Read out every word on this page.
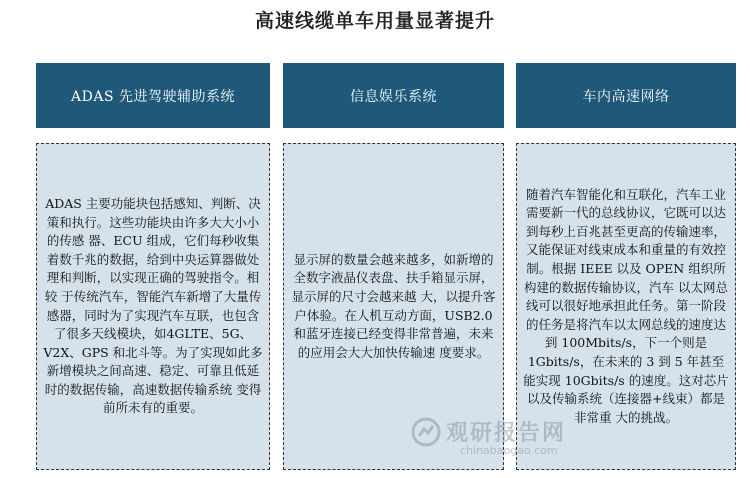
高速线缆单车用量显著提升
ADAS 先进驾驶辅助系统	信息娱乐系统	车内高速网络
ADAS 主要功能块包括感知、判断、决策和执行。这些功能块由许多大大小小的传感 器、ECU 组成，它们每秒收集着数千兆的数据，给到中央运算器做处理和判断，以实现正确的驾驶指令。相较 于传统汽车，智能汽车新增了大量传感器，同时为了实现汽车互联，也包含了很多天线模块，如4GLTE、5G、 V2X、GPS 和北斗等。为了实现如此多新增模块之间高速、稳定、可靠且低延时的数据传输，高速数据传输系统 变得前所未有的重要。
显示屏的数量会越来越多，如新增的全数字液晶仪表盘、扶手箱显示屏，显示屏的尺寸会越来越 大，以提升客户体验。在人机互动方面，USB2.0 和蓝牙连接已经变得非常普遍，未来的应用会大大加快传输速 度要求。
随着汽车智能化和互联化，汽车工业需要新一代的总线协议，它既可以达到每秒上百兆甚至更高的传输速率，又能保证对线束成本和重量的有效控制。根据 IEEE 以及 OPEN 组织所构建的数据传输协议，汽车 以太网总线可以很好地承担此任务。第一阶段的任务是将汽车以太网总线的速度达到 100Mbits/s，下一个则是 1Gbits/s，在未来的 3 到 5 年甚至能实现 10Gbits/s 的速度。这对芯片以及传输系统（连接器+线束）都是非常重 大的挑战。
观研报告网
chinabaogao.com
